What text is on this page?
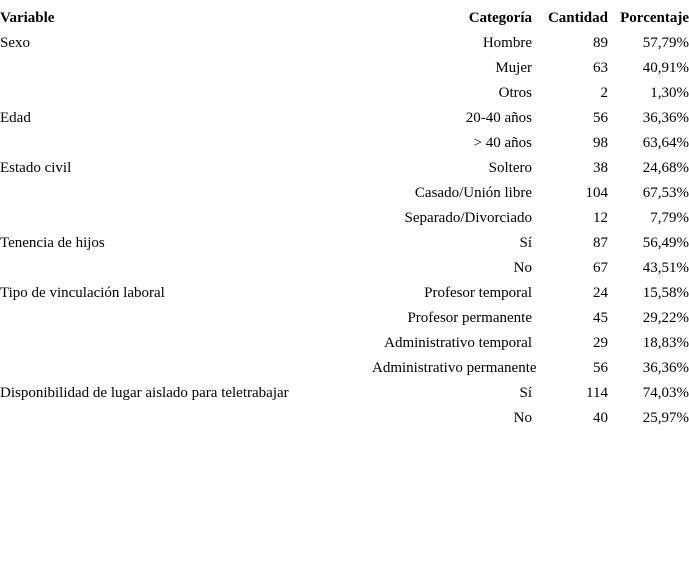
Variable	Categoría	Cantidad	Porcentaje
Sexo	Hombre	89	57,79%
	Mujer	63	40,91%
	Otros	2	1,30%
Edad	20-40 años	56	36,36%
	> 40 años	98	63,64%
Estado civil	Soltero	38	24,68%
	Casado/Unión libre	104	67,53%
	Separado/Divorciado	12	7,79%
Tenencia de hijos	Sí	87	56,49%
	No	67	43,51%
Tipo de vinculación laboral	Profesor temporal	24	15,58%
	Profesor permanente	45	29,22%
	Administrativo temporal	29	18,83%
	Administrativo permanente	56	36,36%
Disponibilidad de lugar aislado para teletrabajar	Sí	114	74,03%
	No	40	25,97%
